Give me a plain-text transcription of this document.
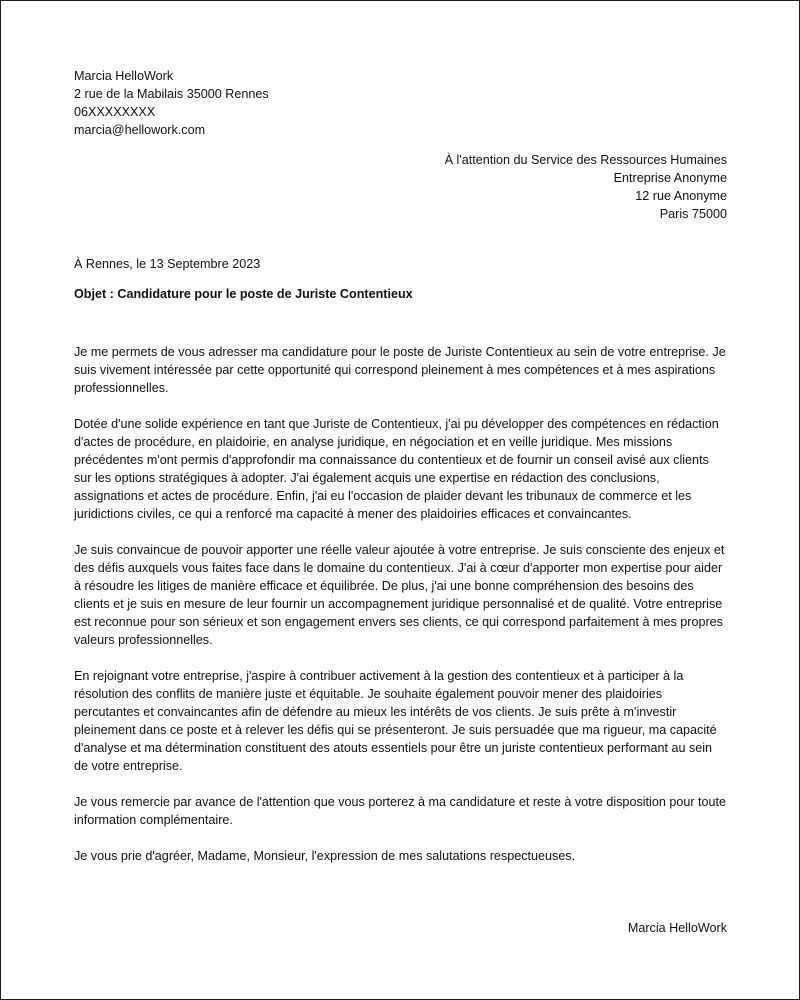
Marcia HelloWork
2 rue de la Mabilais 35000 Rennes
06XXXXXXXX
marcia@hellowork.com
À l'attention du Service des Ressources Humaines
Entreprise Anonyme
12 rue Anonyme
Paris 75000
À Rennes, le 13 Septembre 2023
Objet : Candidature pour le poste de Juriste Contentieux

Je me permets de vous adresser ma candidature pour le poste de Juriste Contentieux au sein de votre entreprise. Je suis vivement intéressée par cette opportunité qui correspond pleinement à mes compétences et à mes aspirations professionnelles.

Dotée d'une solide expérience en tant que Juriste de Contentieux, j'ai pu développer des compétences en rédaction d'actes de procédure, en plaidoirie, en analyse juridique, en négociation et en veille juridique. Mes missions précédentes m'ont permis d'approfondir ma connaissance du contentieux et de fournir un conseil avisé aux clients sur les options stratégiques à adopter. J'ai également acquis une expertise en rédaction des conclusions, assignations et actes de procédure. Enfin, j'ai eu l'occasion de plaider devant les tribunaux de commerce et les juridictions civiles, ce qui a renforcé ma capacité à mener des plaidoiries efficaces et convaincantes.

Je suis convaincue de pouvoir apporter une réelle valeur ajoutée à votre entreprise. Je suis consciente des enjeux et des défis auxquels vous faites face dans le domaine du contentieux. J'ai à cœur d'apporter mon expertise pour aider à résoudre les litiges de manière efficace et équilibrée. De plus, j'ai une bonne compréhension des besoins des clients et je suis en mesure de leur fournir un accompagnement juridique personnalisé et de qualité. Votre entreprise est reconnue pour son sérieux et son engagement envers ses clients, ce qui correspond parfaitement à mes propres valeurs professionnelles.

En rejoignant votre entreprise, j'aspire à contribuer activement à la gestion des contentieux et à participer à la résolution des conflits de manière juste et équitable. Je souhaite également pouvoir mener des plaidoiries percutantes et convaincantes afin de défendre au mieux les intérêts de vos clients. Je suis prête à m'investir pleinement dans ce poste et à relever les défis qui se présenteront. Je suis persuadée que ma rigueur, ma capacité d'analyse et ma détermination constituent des atouts essentiels pour être un juriste contentieux performant au sein de votre entreprise.

Je vous remercie par avance de l'attention que vous porterez à ma candidature et reste à votre disposition pour toute information complémentaire.

Je vous prie d'agréer, Madame, Monsieur, l'expression de mes salutations respectueuses.

Marcia HelloWork
